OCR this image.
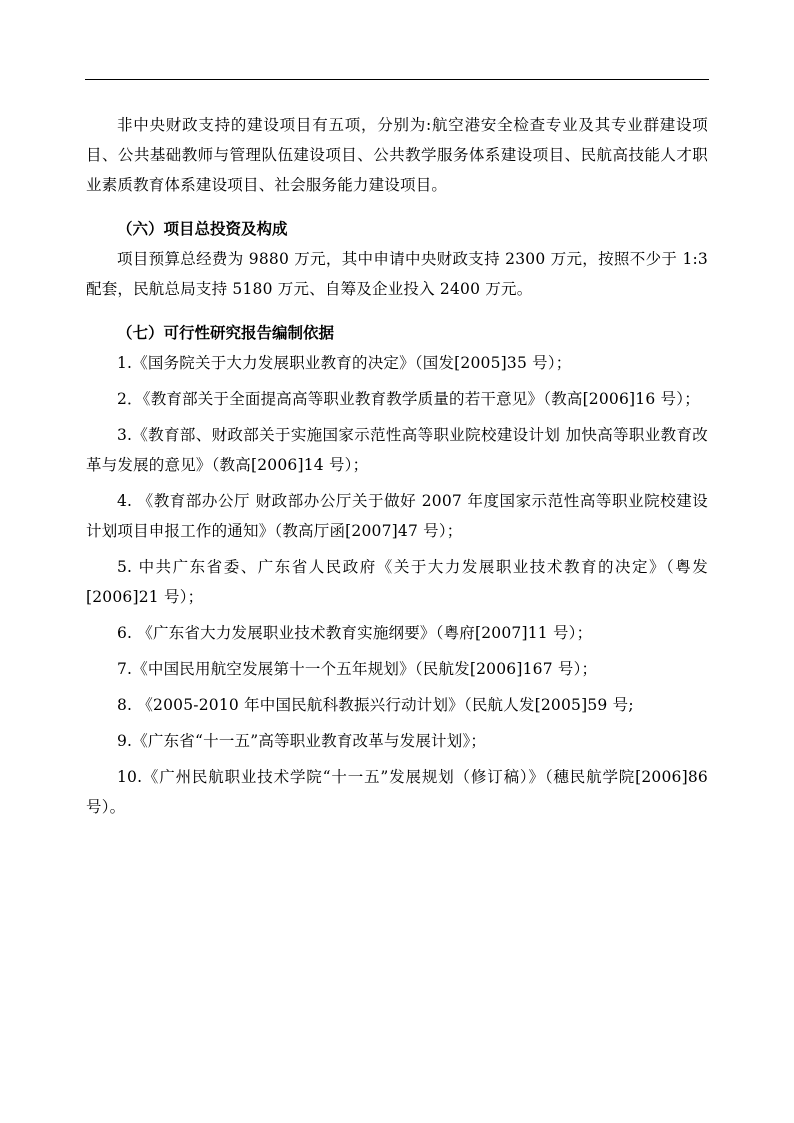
非中央财政支持的建设项目有五项，分别为:航空港安全检查专业及其专业群建设项目、公共基础教师与管理队伍建设项目、公共教学服务体系建设项目、民航高技能人才职业素质教育体系建设项目、社会服务能力建设项目。

（六）项目总投资及构成

项目预算总经费为 9880 万元，其中申请中央财政支持 2300 万元，按照不少于 1:3 配套，民航总局支持 5180 万元、自筹及企业投入 2400 万元。

（七）可行性研究报告编制依据

1.《国务院关于大力发展职业教育的决定》（国发[2005]35 号）；

2．《教育部关于全面提高高等职业教育教学质量的若干意见》（教高[2006]16 号）；

3.《教育部、财政部关于实施国家示范性高等职业院校建设计划 加快高等职业教育改革与发展的意见》（教高[2006]14 号）；

4. 《教育部办公厅 财政部办公厅关于做好 2007 年度国家示范性高等职业院校建设计划项目申报工作的通知》（教高厅函[2007]47 号）；

5. 中共广东省委、广东省人民政府《关于大力发展职业技术教育的决定》（粤发[2006]21 号）；

6. 《广东省大力发展职业技术教育实施纲要》（粤府[2007]11 号）；

7.《中国民用航空发展第十一个五年规划》（民航发[2006]167 号）；

8. 《2005-2010 年中国民航科教振兴行动计划》（民航人发[2005]59 号;

9.《广东省“十一五”高等职业教育改革与发展计划》；

10.《广州民航职业技术学院“十一五”发展规划（修订稿）》（穗民航学院[2006]86 号）。
